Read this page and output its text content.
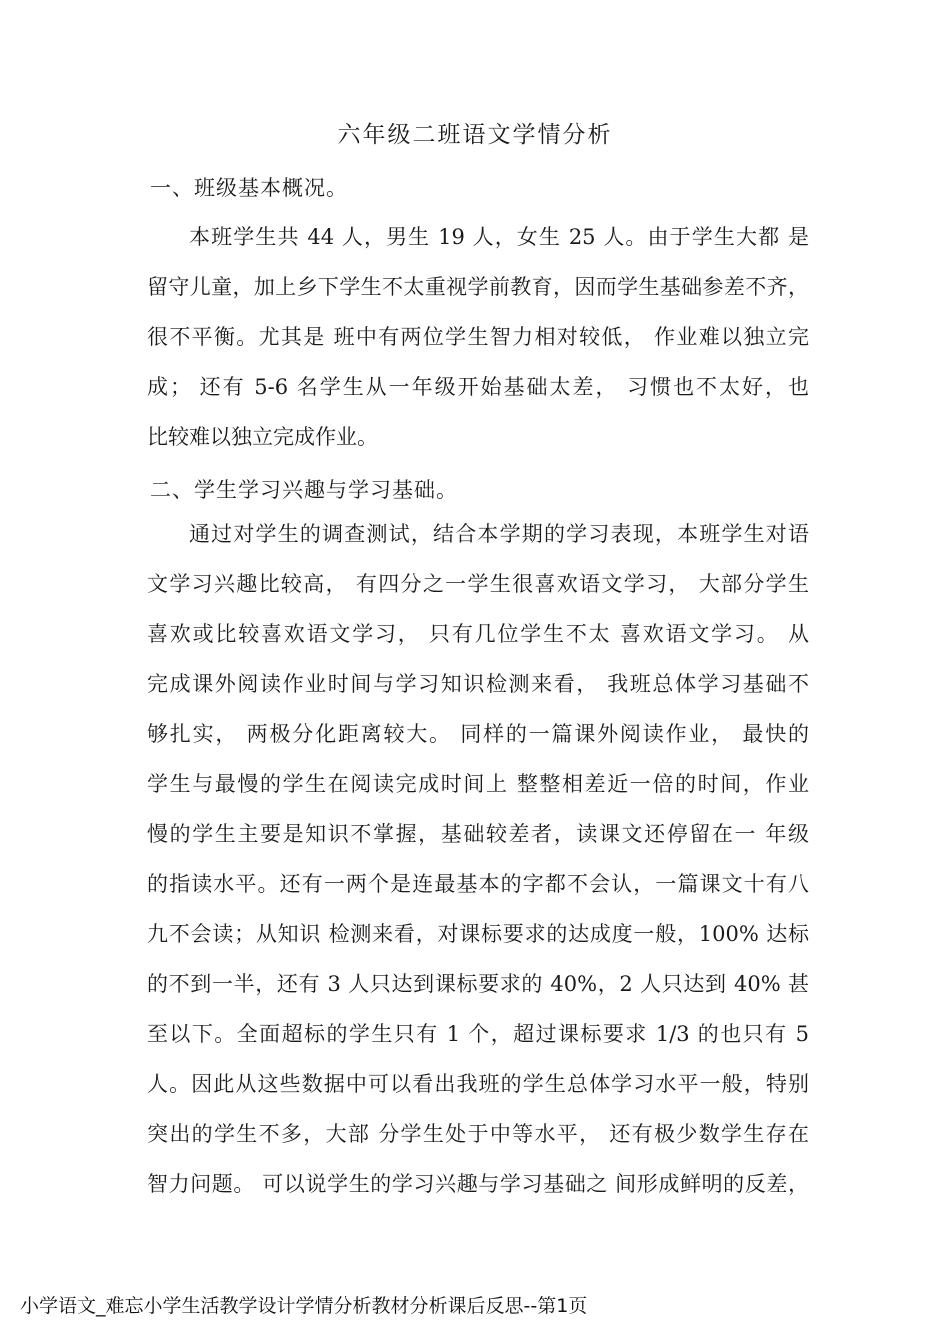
六年级二班语文学情分析
一、班级基本概况。
本班学生共 44 人，男生 19 人，女生 25 人。由于学生大都 是
留守儿童，加上乡下学生不太重视学前教育，因而学生基础参差不齐，
很不平衡。尤其是 班中有两位学生智力相对较低， 作业难以独立完
成； 还有 5-6 名学生从一年级开始基础太差， 习惯也不太好，也
比较难以独立完成作业。
二、学生学习兴趣与学习基础。
通过对学生的调查测试，结合本学期的学习表现，本班学生对语
文学习兴趣比较高， 有四分之一学生很喜欢语文学习， 大部分学生
喜欢或比较喜欢语文学习， 只有几位学生不太 喜欢语文学习。 从
完成课外阅读作业时间与学习知识检测来看， 我班总体学习基础不
够扎实， 两极分化距离较大。 同样的一篇课外阅读作业， 最快的
学生与最慢的学生在阅读完成时间上 整整相差近一倍的时间，作业
慢的学生主要是知识不掌握，基础较差者，读课文还停留在一 年级
的指读水平。还有一两个是连最基本的字都不会认，一篇课文十有八
九不会读；从知识 检测来看，对课标要求的达成度一般，100% 达标
的不到一半，还有 3 人只达到课标要求的 40%，2 人只达到 40% 甚
至以下。全面超标的学生只有 1 个，超过课标要求 1/3 的也只有 5
人。因此从这些数据中可以看出我班的学生总体学习水平一般，特别
突出的学生不多，大部 分学生处于中等水平， 还有极少数学生存在
智力问题。 可以说学生的学习兴趣与学习基础之 间形成鲜明的反差，
小学语文_难忘小学生活教学设计学情分析教材分析课后反思--第1页
